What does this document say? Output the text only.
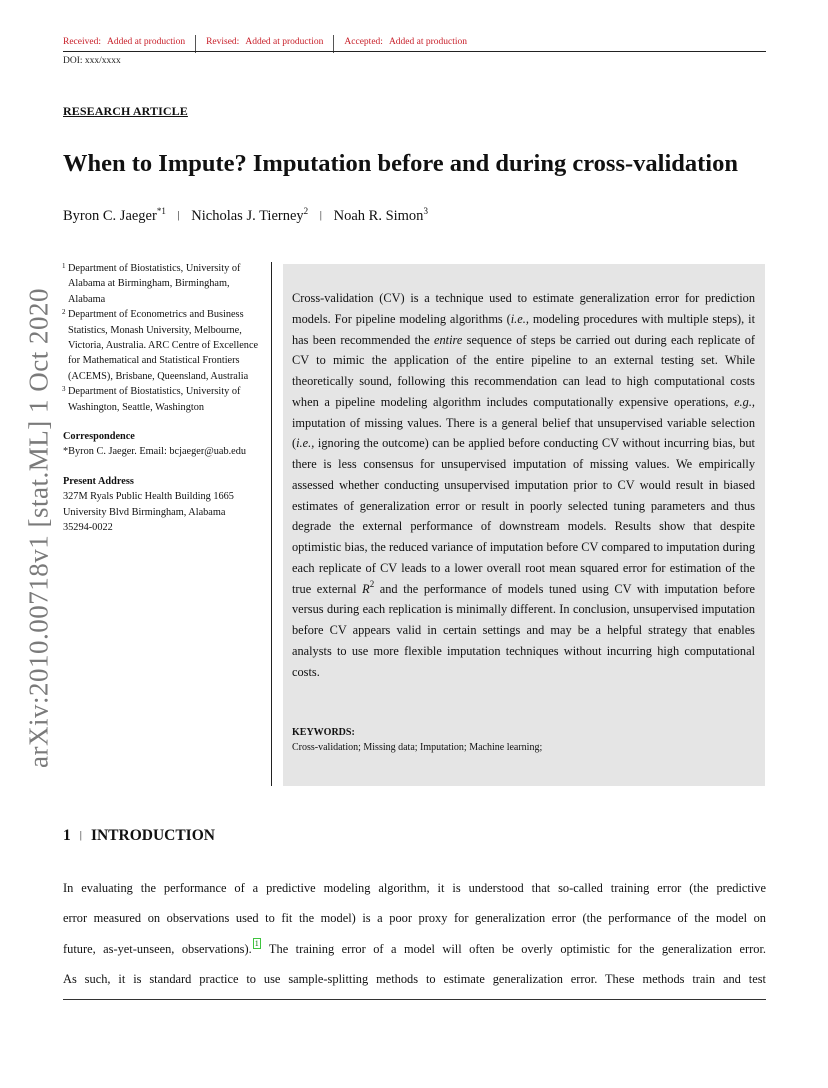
Received: Added at production	Revised: Added at production	Accepted: Added at production
DOI: xxx/xxxx
RESEARCH ARTICLE
When to Impute? Imputation before and during cross-validation
Byron C. Jaeger$^{*1}$ | Nicholas J. Tierney$^2$ | Noah R. Simon$^3$
arXiv:2010.00718v1 [stat.ML] 1 Oct 2020
1 Department of Biostatistics, University of Alabama at Birmingham, Birmingham, Alabama
2 Department of Econometrics and Business Statistics, Monash University, Melbourne, Victoria, Australia. ARC Centre of Excellence for Mathematical and Statistical Frontiers (ACEMS), Brisbane, Queensland, Australia
3 Department of Biostatistics, University of Washington, Seattle, Washington
Correspondence
*Byron C. Jaeger. Email: bcjaeger@uab.edu
Present Address
327M Ryals Public Health Building 1665
University Blvd Birmingham, Alabama
35294-0022
Cross-validation (CV) is a technique used to estimate generalization error for prediction models. For pipeline modeling algorithms (i.e., modeling procedures with multiple steps), it has been recommended the entire sequence of steps be carried out during each replicate of CV to mimic the application of the entire pipeline to an external testing set. While theoretically sound, following this recommendation can lead to high computational costs when a pipeline modeling algorithm includes computationally expensive operations, e.g., imputation of missing values. There is a general belief that unsupervised variable selection (i.e., ignoring the outcome) can be applied before conducting CV without incurring bias, but there is less consensus for unsupervised imputation of missing values. We empirically assessed whether conducting unsupervised imputation prior to CV would result in biased estimates of generalization error or result in poorly selected tuning parameters and thus degrade the external performance of downstream models. Results show that despite optimistic bias, the reduced variance of imputation before CV compared to imputation during each replicate of CV leads to a lower overall root mean squared error for estimation of the true external $R^2$ and the performance of models tuned using CV with imputation before versus during each replication is minimally different. In conclusion, unsupervised imputation before CV appears valid in certain settings and may be a helpful strategy that enables analysts to use more flexible imputation techniques without incurring high computational costs.
KEYWORDS:
Cross-validation; Missing data; Imputation; Machine learning;
1 | INTRODUCTION
In evaluating the performance of a predictive modeling algorithm, it is understood that so-called training error (the predictive
error measured on observations used to fit the model) is a poor proxy for generalization error (the performance of the model on
future, as-yet-unseen, observations). 1 The training error of a model will often be overly optimistic for the generalization error.
As such, it is standard practice to use sample-splitting methods to estimate generalization error. These methods train and test
